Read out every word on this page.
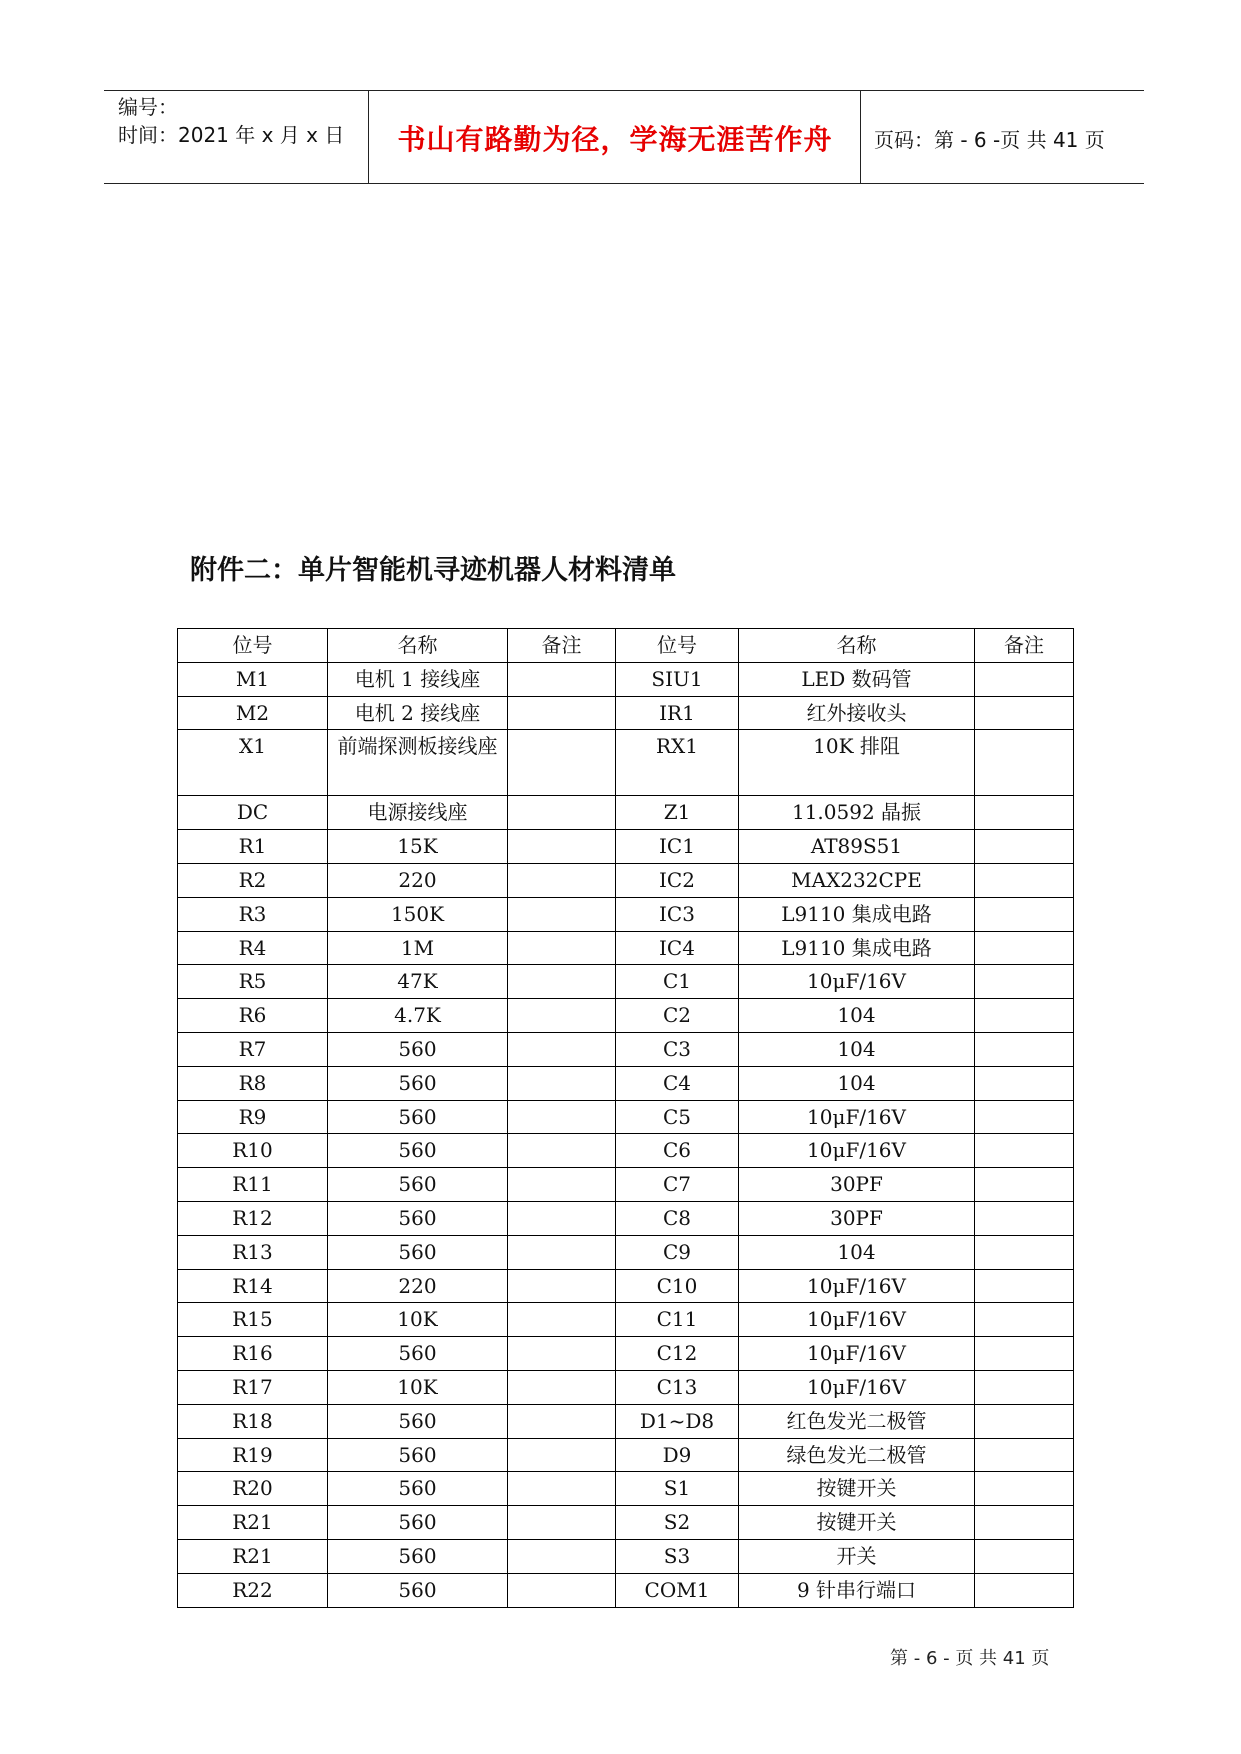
编号：
时间：2021 年 x 月 x 日	书山有路勤为径，学海无涯苦作舟	页码：第 - 6 -页 共 41 页
附件二：单片智能机寻迹机器人材料清单
位号	名称	备注	位号	名称	备注
M1	电机 1 接线座		SIU1	LED 数码管	
M2	电机 2 接线座		IR1	红外接收头	
X1	前端探测板接线座		RX1	10K 排阻	
DC	电源接线座		Z1	11.0592 晶振	
R1	15K		IC1	AT89S51	
R2	220		IC2	MAX232CPE	
R3	150K		IC3	L9110 集成电路	
R4	1M		IC4	L9110 集成电路	
R5	47K		C1	10μF/16V	
R6	4.7K		C2	104	
R7	560		C3	104	
R8	560		C4	104	
R9	560		C5	10μF/16V	
R10	560		C6	10μF/16V	
R11	560		C7	30PF	
R12	560		C8	30PF	
R13	560		C9	104	
R14	220		C10	10μF/16V	
R15	10K		C11	10μF/16V	
R16	560		C12	10μF/16V	
R17	10K		C13	10μF/16V	
R18	560		D1~D8	红色发光二极管	
R19	560		D9	绿色发光二极管	
R20	560		S1	按键开关	
R21	560		S2	按键开关	
R21	560		S3	开关	
R22	560		COM1	9 针串行端口	
第 - 6 - 页 共 41 页
